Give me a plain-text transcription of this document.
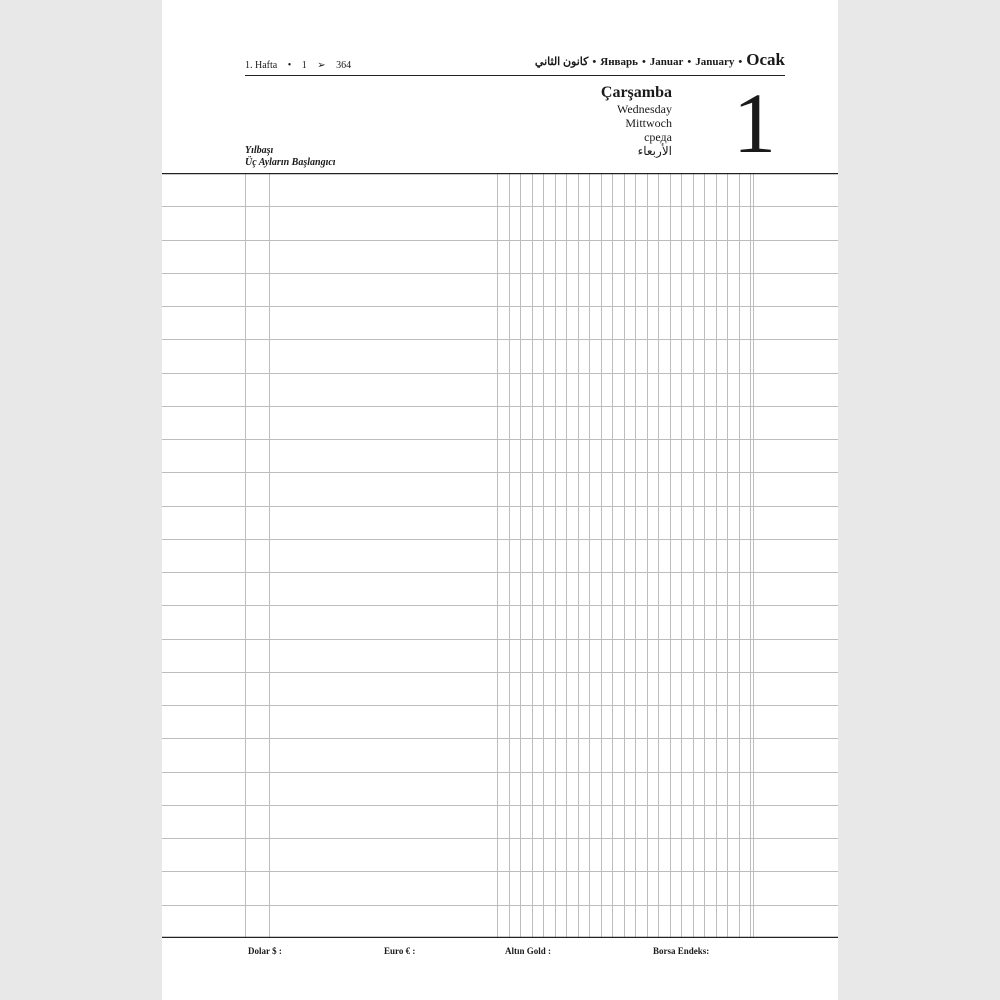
1. Hafta • 1 ➢ 364	كانون الثاني • Январь • Januar • January • Ocak
Çarşamba
Wednesday
Mittwoch
среда
الأربعاء 1
Yılbaşı
Üç Ayların Başlangıcı
Dolar $ :	Euro € :	Altın Gold :	Borsa Endeks:
